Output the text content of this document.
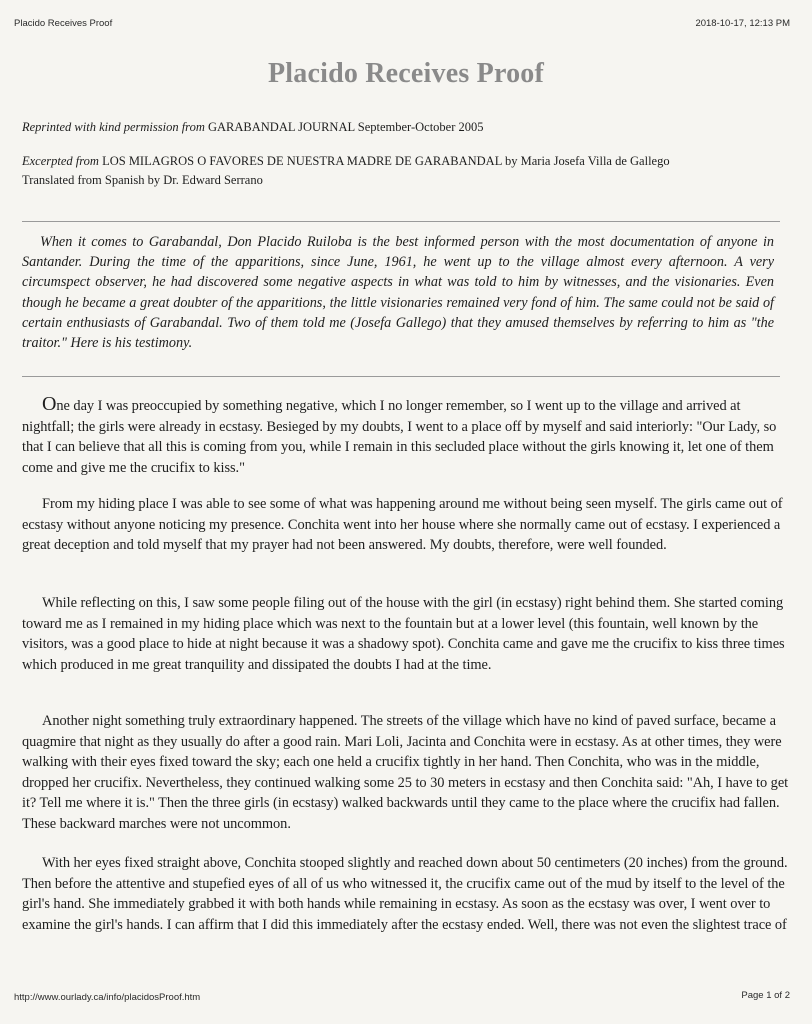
Placido Receives Proof	2018-10-17, 12:13 PM
Placido Receives Proof
Reprinted with kind permission from GARABANDAL JOURNAL September-October 2005
Excerpted from LOS MILAGROS O FAVORES DE NUESTRA MADRE DE GARABANDAL by Maria Josefa Villa de Gallego
Translated from Spanish by Dr. Edward Serrano
When it comes to Garabandal, Don Placido Ruiloba is the best informed person with the most documentation of anyone in Santander. During the time of the apparitions, since June, 1961, he went up to the village almost every afternoon. A very circumspect observer, he had discovered some negative aspects in what was told to him by witnesses, and the visionaries. Even though he became a great doubter of the apparitions, the little visionaries remained very fond of him. The same could not be said of certain enthusiasts of Garabandal. Two of them told me (Josefa Gallego) that they amused themselves by referring to him as "the traitor." Here is his testimony.
One day I was preoccupied by something negative, which I no longer remember, so I went up to the village and arrived at nightfall; the girls were already in ecstasy. Besieged by my doubts, I went to a place off by myself and said interiorly: "Our Lady, so that I can believe that all this is coming from you, while I remain in this secluded place without the girls knowing it, let one of them come and give me the crucifix to kiss."
From my hiding place I was able to see some of what was happening around me without being seen myself. The girls came out of ecstasy without anyone noticing my presence. Conchita went into her house where she normally came out of ecstasy. I experienced a great deception and told myself that my prayer had not been answered. My doubts, therefore, were well founded.
While reflecting on this, I saw some people filing out of the house with the girl (in ecstasy) right behind them. She started coming toward me as I remained in my hiding place which was next to the fountain but at a lower level (this fountain, well known by the visitors, was a good place to hide at night because it was a shadowy spot). Conchita came and gave me the crucifix to kiss three times which produced in me great tranquility and dissipated the doubts I had at the time.
Another night something truly extraordinary happened. The streets of the village which have no kind of paved surface, became a quagmire that night as they usually do after a good rain. Mari Loli, Jacinta and Conchita were in ecstasy. As at other times, they were walking with their eyes fixed toward the sky; each one held a crucifix tightly in her hand. Then Conchita, who was in the middle, dropped her crucifix. Nevertheless, they continued walking some 25 to 30 meters in ecstasy and then Conchita said: "Ah, I have to get it? Tell me where it is." Then the three girls (in ecstasy) walked backwards until they came to the place where the crucifix had fallen. These backward marches were not uncommon.
With her eyes fixed straight above, Conchita stooped slightly and reached down about 50 centimeters (20 inches) from the ground. Then before the attentive and stupefied eyes of all of us who witnessed it, the crucifix came out of the mud by itself to the level of the girl's hand. She immediately grabbed it with both hands while remaining in ecstasy. As soon as the ecstasy was over, I went over to examine the girl's hands. I can affirm that I did this immediately after the ecstasy ended. Well, there was not even the slightest trace of
http://www.ourlady.ca/info/placidosProof.htm	Page 1 of 2
